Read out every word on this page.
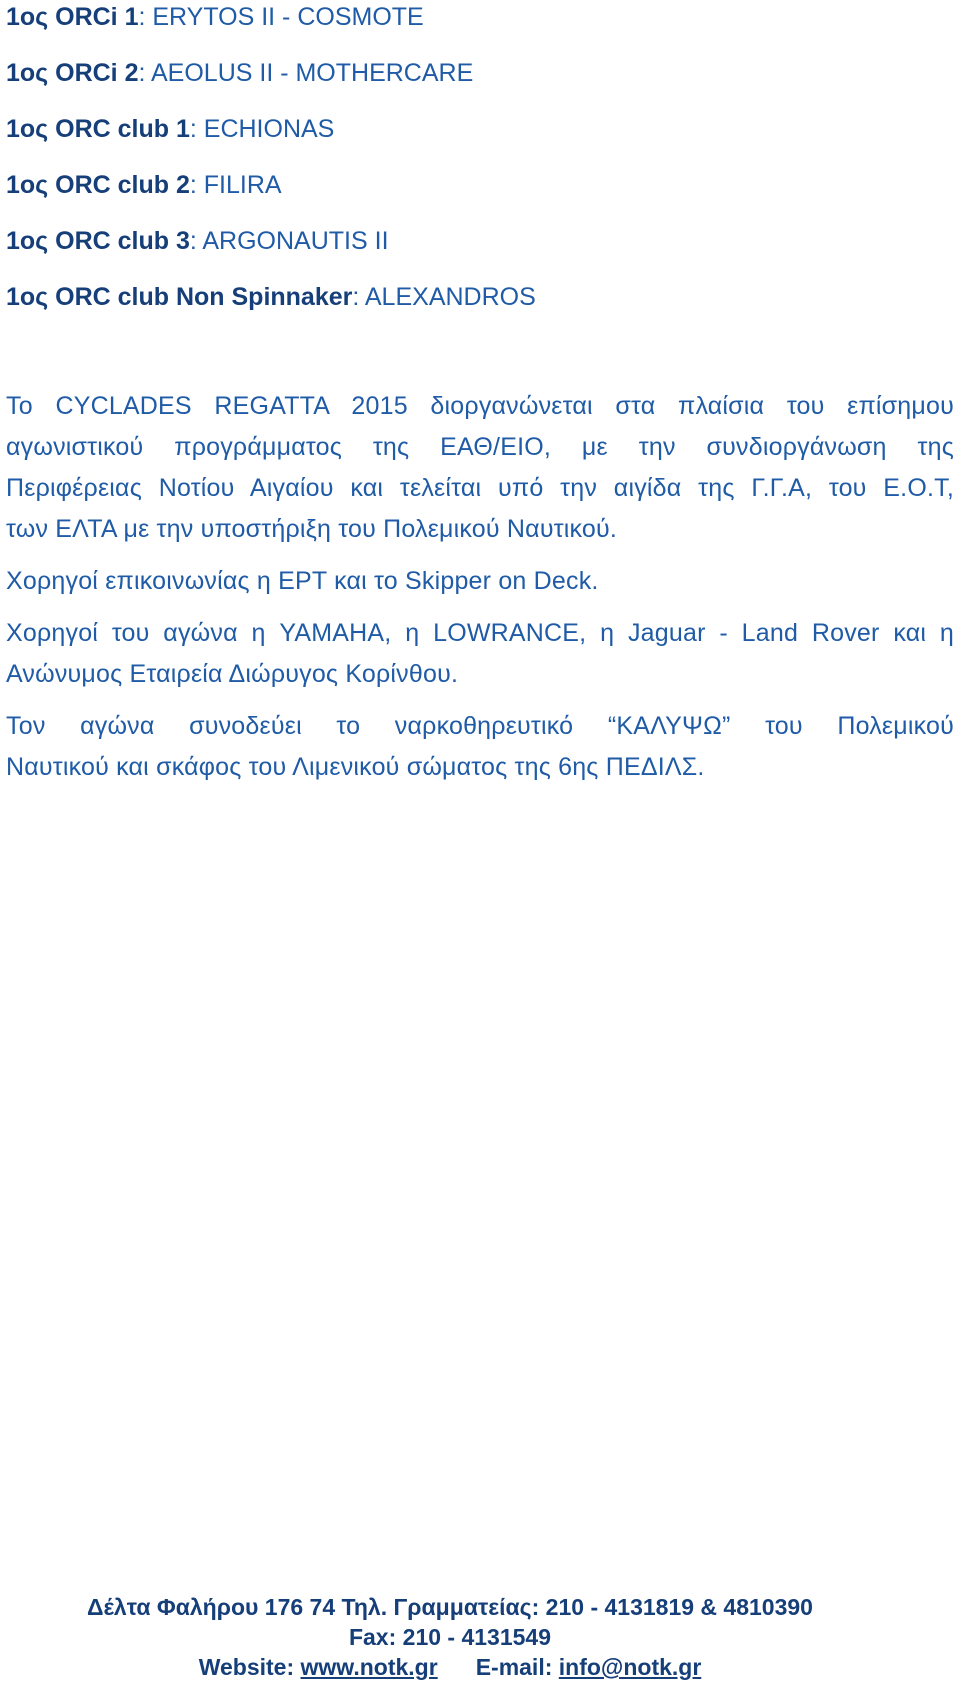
1ος ORCi 1: ERYTOS II - COSMOTE
1ος ORCi 2: AEOLUS II - MOTHERCARE
1ος ORC club 1: ECHIONAS
1ος ORC club 2: FILIRA
1ος ORC club 3: ARGONAUTIS II
1ος ORC club Non Spinnaker: ALEXANDROS

Το CYCLADES REGATTA 2015 διοργανώνεται στα πλαίσια του επίσημου
αγωνιστικού προγράμματος της ΕΑΘ/ΕΙΟ, με την συνδιοργάνωση της
Περιφέρειας Νοτίου Αιγαίου και τελείται υπό την αιγίδα της Γ.Γ.Α, του Ε.Ο.Τ,
των ΕΛΤΑ με την υποστήριξη του Πολεμικού Ναυτικού.

Χορηγοί επικοινωνίας η ΕΡΤ και το Skipper on Deck.

Χορηγοί του αγώνα η YAMAHA, η LOWRANCE, η Jaguar - Land Rover και η
Ανώνυμος Εταιρεία Διώρυγος Κορίνθου.

Τον αγώνα συνοδεύει το ναρκοθηρευτικό “ΚΑΛΥΨΩ” του Πολεμικού
Ναυτικού και σκάφος του Λιμενικού σώματος της 6ης ΠΕΔΙΛΣ.

Δέλτα Φαλήρου 176 74 Τηλ. Γραμματείας: 210 - 4131819 & 4810390
Fax: 210 - 4131549
Website: www.notk.gr E-mail: info@notk.gr
